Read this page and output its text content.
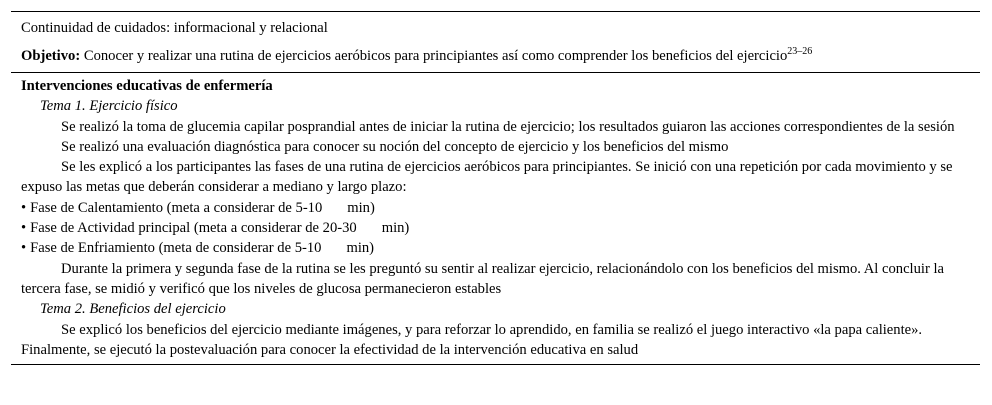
Continuidad de cuidados: informacional y relacional
Objetivo: Conocer y realizar una rutina de ejercicios aeróbicos para principiantes así como comprender los beneficios del ejercicio$^{23-26}$
Intervenciones educativas de enfermería
Tema 1. Ejercicio físico
Se realizó la toma de glucemia capilar posprandial antes de iniciar la rutina de ejercicio; los resultados guiaron las acciones correspondientes de la sesión
Se realizó una evaluación diagnóstica para conocer su noción del concepto de ejercicio y los beneficios del mismo
Se les explicó a los participantes las fases de una rutina de ejercicios aeróbicos para principiantes. Se inició con una repetición por cada movimiento y se expuso las metas que deberán considerar a mediano y largo plazo:
• Fase de Calentamiento (meta a considerar de 5-10 min)
• Fase de Actividad principal (meta a considerar de 20-30 min)
• Fase de Enfriamiento (meta de considerar de 5-10 min)
Durante la primera y segunda fase de la rutina se les preguntó su sentir al realizar ejercicio, relacionándolo con los beneficios del mismo. Al concluir la tercera fase, se midió y verificó que los niveles de glucosa permanecieron estables
Tema 2. Beneficios del ejercicio
Se explicó los beneficios del ejercicio mediante imágenes, y para reforzar lo aprendido, en familia se realizó el juego interactivo «la papa caliente». Finalmente, se ejecutó la postevaluación para conocer la efectividad de la intervención educativa en salud
